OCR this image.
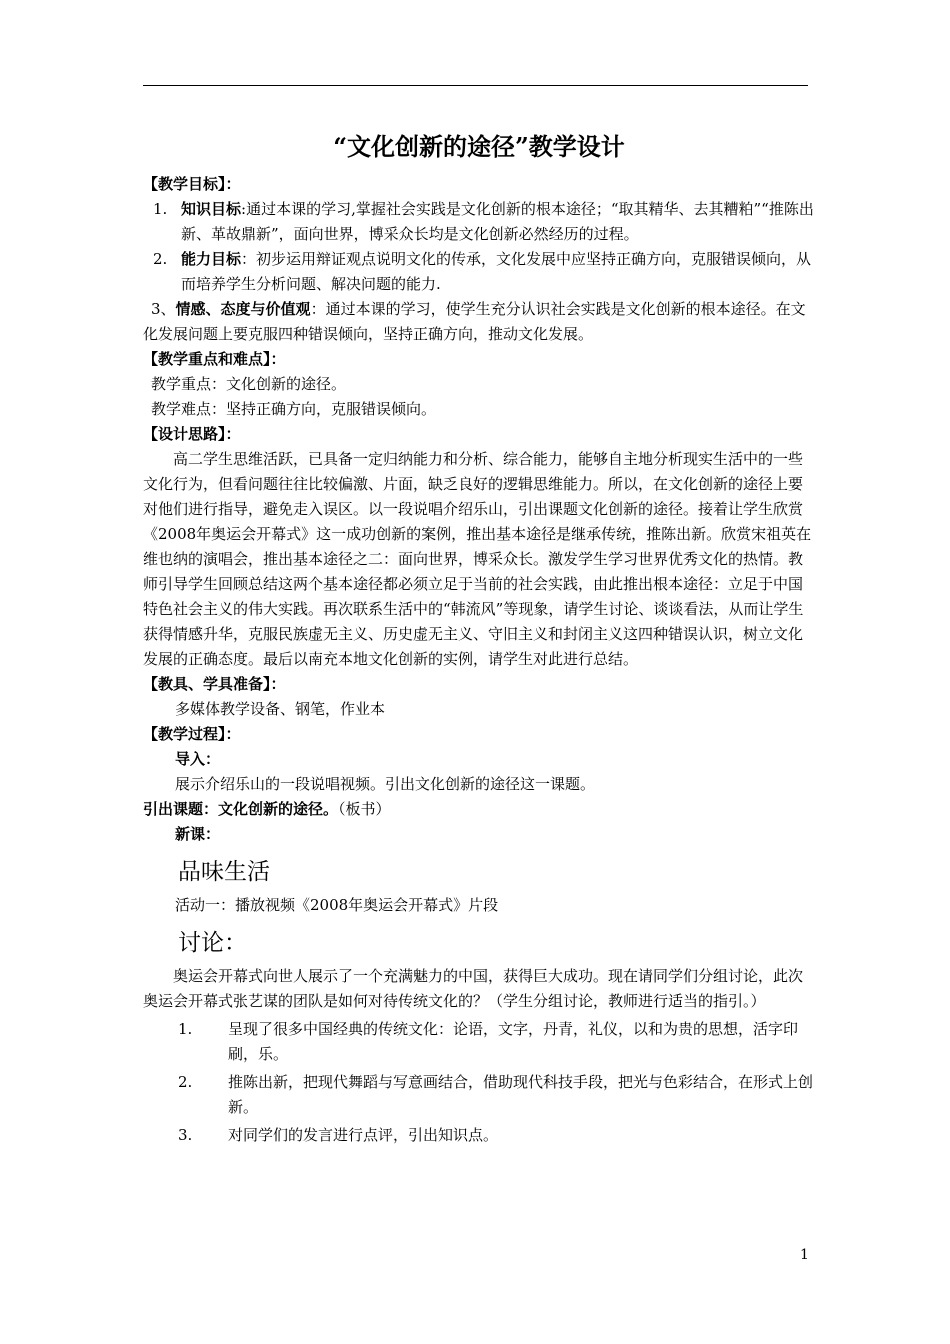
“文化创新的途径”教学设计

【教学目标】：

1. 知识目标:通过本课的学习,掌握社会实践是文化创新的根本途径；“取其精华、去其糟粕”“推陈出新、革故鼎新”，面向世界，博采众长均是文化创新必然经历的过程。
2. 能力目标：初步运用辩证观点说明文化的传承，文化发展中应坚持正确方向，克服错误倾向，从而培养学生分析问题、解决问题的能力.

3、情感、态度与价值观：通过本课的学习，使学生充分认识社会实践是文化创新的根本途径。在文化发展问题上要克服四种错误倾向，坚持正确方向，推动文化发展。

【教学重点和难点】：

教学重点：文化创新的途径。

教学难点：坚持正确方向，克服错误倾向。

【设计思路】：

高二学生思维活跃，已具备一定归纳能力和分析、综合能力，能够自主地分析现实生活中的一些文化行为，但看问题往往比较偏激、片面，缺乏良好的逻辑思维能力。所以，在文化创新的途径上要对他们进行指导，避免走入误区。以一段说唱介绍乐山，引出课题文化创新的途径。接着让学生欣赏《2008年奥运会开幕式》这一成功创新的案例，推出基本途径是继承传统，推陈出新。欣赏宋祖英在维也纳的演唱会，推出基本途径之二：面向世界，博采众长。激发学生学习世界优秀文化的热情。教师引导学生回顾总结这两个基本途径都必须立足于当前的社会实践，由此推出根本途径：立足于中国特色社会主义的伟大实践。再次联系生活中的“韩流风”等现象，请学生讨论、谈谈看法，从而让学生获得情感升华，克服民族虚无主义、历史虚无主义、守旧主义和封闭主义这四种错误认识，树立文化发展的正确态度。最后以南充本地文化创新的实例，请学生对此进行总结。

【教具、学具准备】：

多媒体教学设备、钢笔，作业本

【教学过程】：

导入：

展示介绍乐山的一段说唱视频。引出文化创新的途径这一课题。

引出课题：文化创新的途径。（板书）

新课：

品味生活

活动一：播放视频《2008年奥运会开幕式》片段

讨论：

奥运会开幕式向世人展示了一个充满魅力的中国，获得巨大成功。现在请同学们分组讨论，此次奥运会开幕式张艺谋的团队是如何对待传统文化的？（学生分组讨论，教师进行适当的指引。）

1.	呈现了很多中国经典的传统文化：论语，文字，丹青，礼仪，以和为贵的思想，活字印刷，乐。
2.	推陈出新，把现代舞蹈与写意画结合，借助现代科技手段，把光与色彩结合，在形式上创新。
3.	对同学们的发言进行点评，引出知识点。
1
